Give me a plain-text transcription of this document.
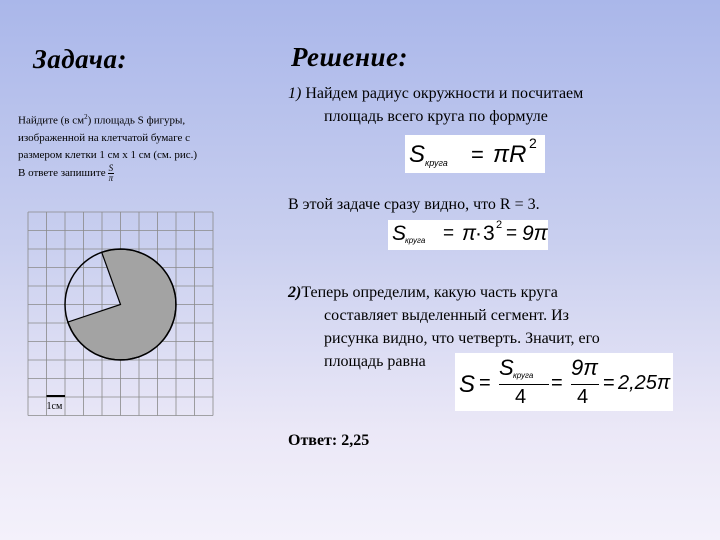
Задача:	Решение:
Найдите (в $см^2$) площадь S фигуры,
изображенной на клетчатой бумаге с
размером клетки 1 см х 1 см (см. рис.)
В ответе запишите $\frac{S}{\pi}$
1см
1) Найдем радиус окружности и посчитаем
площадь всего круга по формуле
S круга = πR 2
В этой задаче сразу видно, что R = 3.
S
круга = π
· 3 2 = 9π
2)Теперь определим, какую часть круга
составляет выделенный сегмент. Из
рисунка видно, что четверть. Значит, его
площадь равна
S =
S круга
4
=
9π
4
= 2,25π
Ответ: 2,25
